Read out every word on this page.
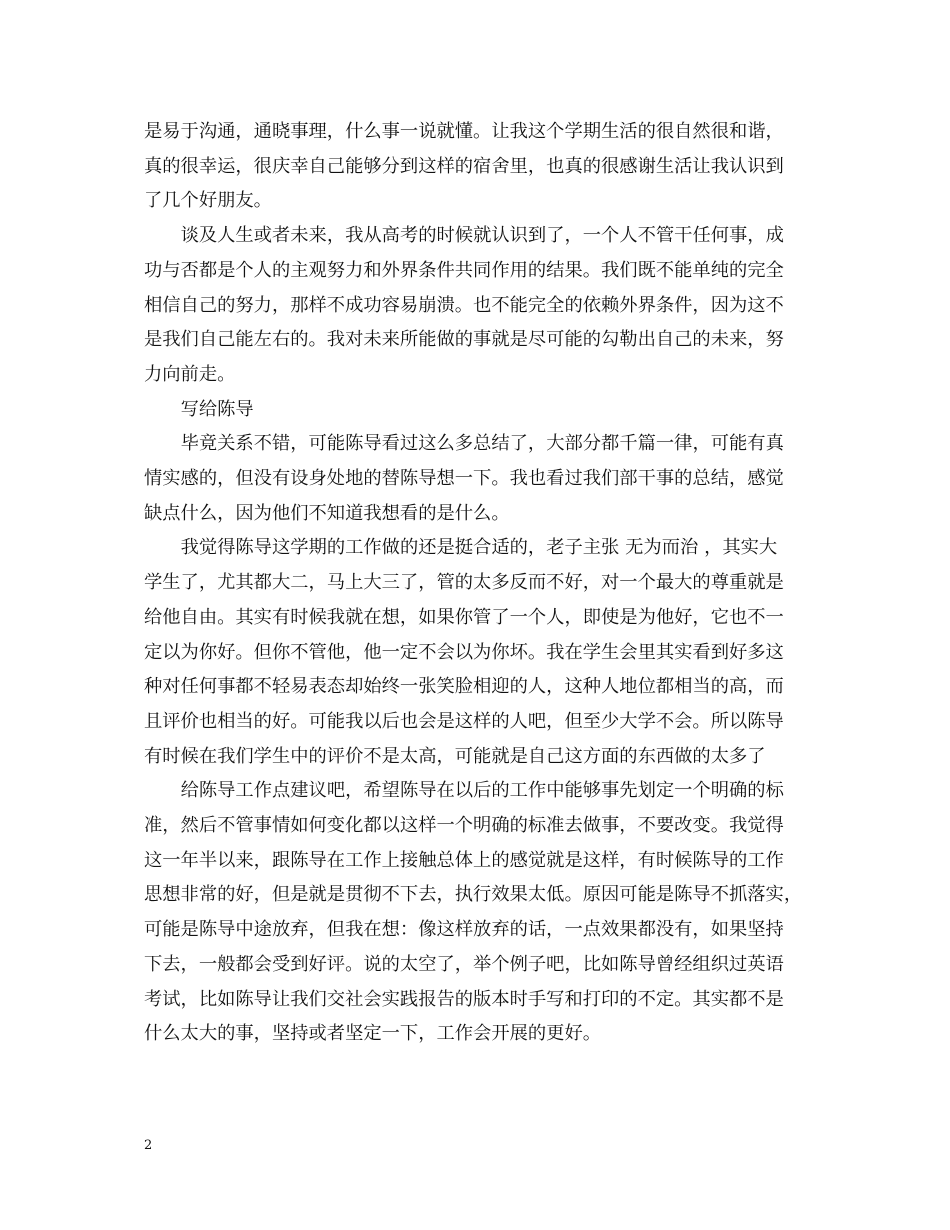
是易于沟通，通晓事理，什么事一说就懂。让我这个学期生活的很自然很和谐，

真的很幸运，很庆幸自己能够分到这样的宿舍里，也真的很感谢生活让我认识到

了几个好朋友。

谈及人生或者未来，我从高考的时候就认识到了，一个人不管干任何事，成

功与否都是个人的主观努力和外界条件共同作用的结果。我们既不能单纯的完全

相信自己的努力，那样不成功容易崩溃。也不能完全的依赖外界条件，因为这不

是我们自己能左右的。我对未来所能做的事就是尽可能的勾勒出自己的未来，努

力向前走。

写给陈导

毕竟关系不错，可能陈导看过这么多总结了，大部分都千篇一律，可能有真

情实感的，但没有设身处地的替陈导想一下。我也看过我们部干事的总结，感觉

缺点什么，因为他们不知道我想看的是什么。

我觉得陈导这学期的工作做的还是挺合适的，老子主张 无为而治 ，其实大

学生了，尤其都大二，马上大三了，管的太多反而不好，对一个最大的尊重就是

给他自由。其实有时候我就在想，如果你管了一个人，即使是为他好，它也不一

定以为你好。但你不管他，他一定不会以为你坏。我在学生会里其实看到好多这

种对任何事都不轻易表态却始终一张笑脸相迎的人，这种人地位都相当的高，而

且评价也相当的好。可能我以后也会是这样的人吧，但至少大学不会。所以陈导

有时候在我们学生中的评价不是太高，可能就是自己这方面的东西做的太多了

给陈导工作点建议吧，希望陈导在以后的工作中能够事先划定一个明确的标

准，然后不管事情如何变化都以这样一个明确的标准去做事，不要改变。我觉得

这一年半以来，跟陈导在工作上接触总体上的感觉就是这样，有时候陈导的工作

思想非常的好，但是就是贯彻不下去，执行效果太低。原因可能是陈导不抓落实，

可能是陈导中途放弃，但我在想：像这样放弃的话，一点效果都没有，如果坚持

下去，一般都会受到好评。说的太空了，举个例子吧，比如陈导曾经组织过英语

考试，比如陈导让我们交社会实践报告的版本时手写和打印的不定。其实都不是

什么太大的事，坚持或者坚定一下，工作会开展的更好。

2
